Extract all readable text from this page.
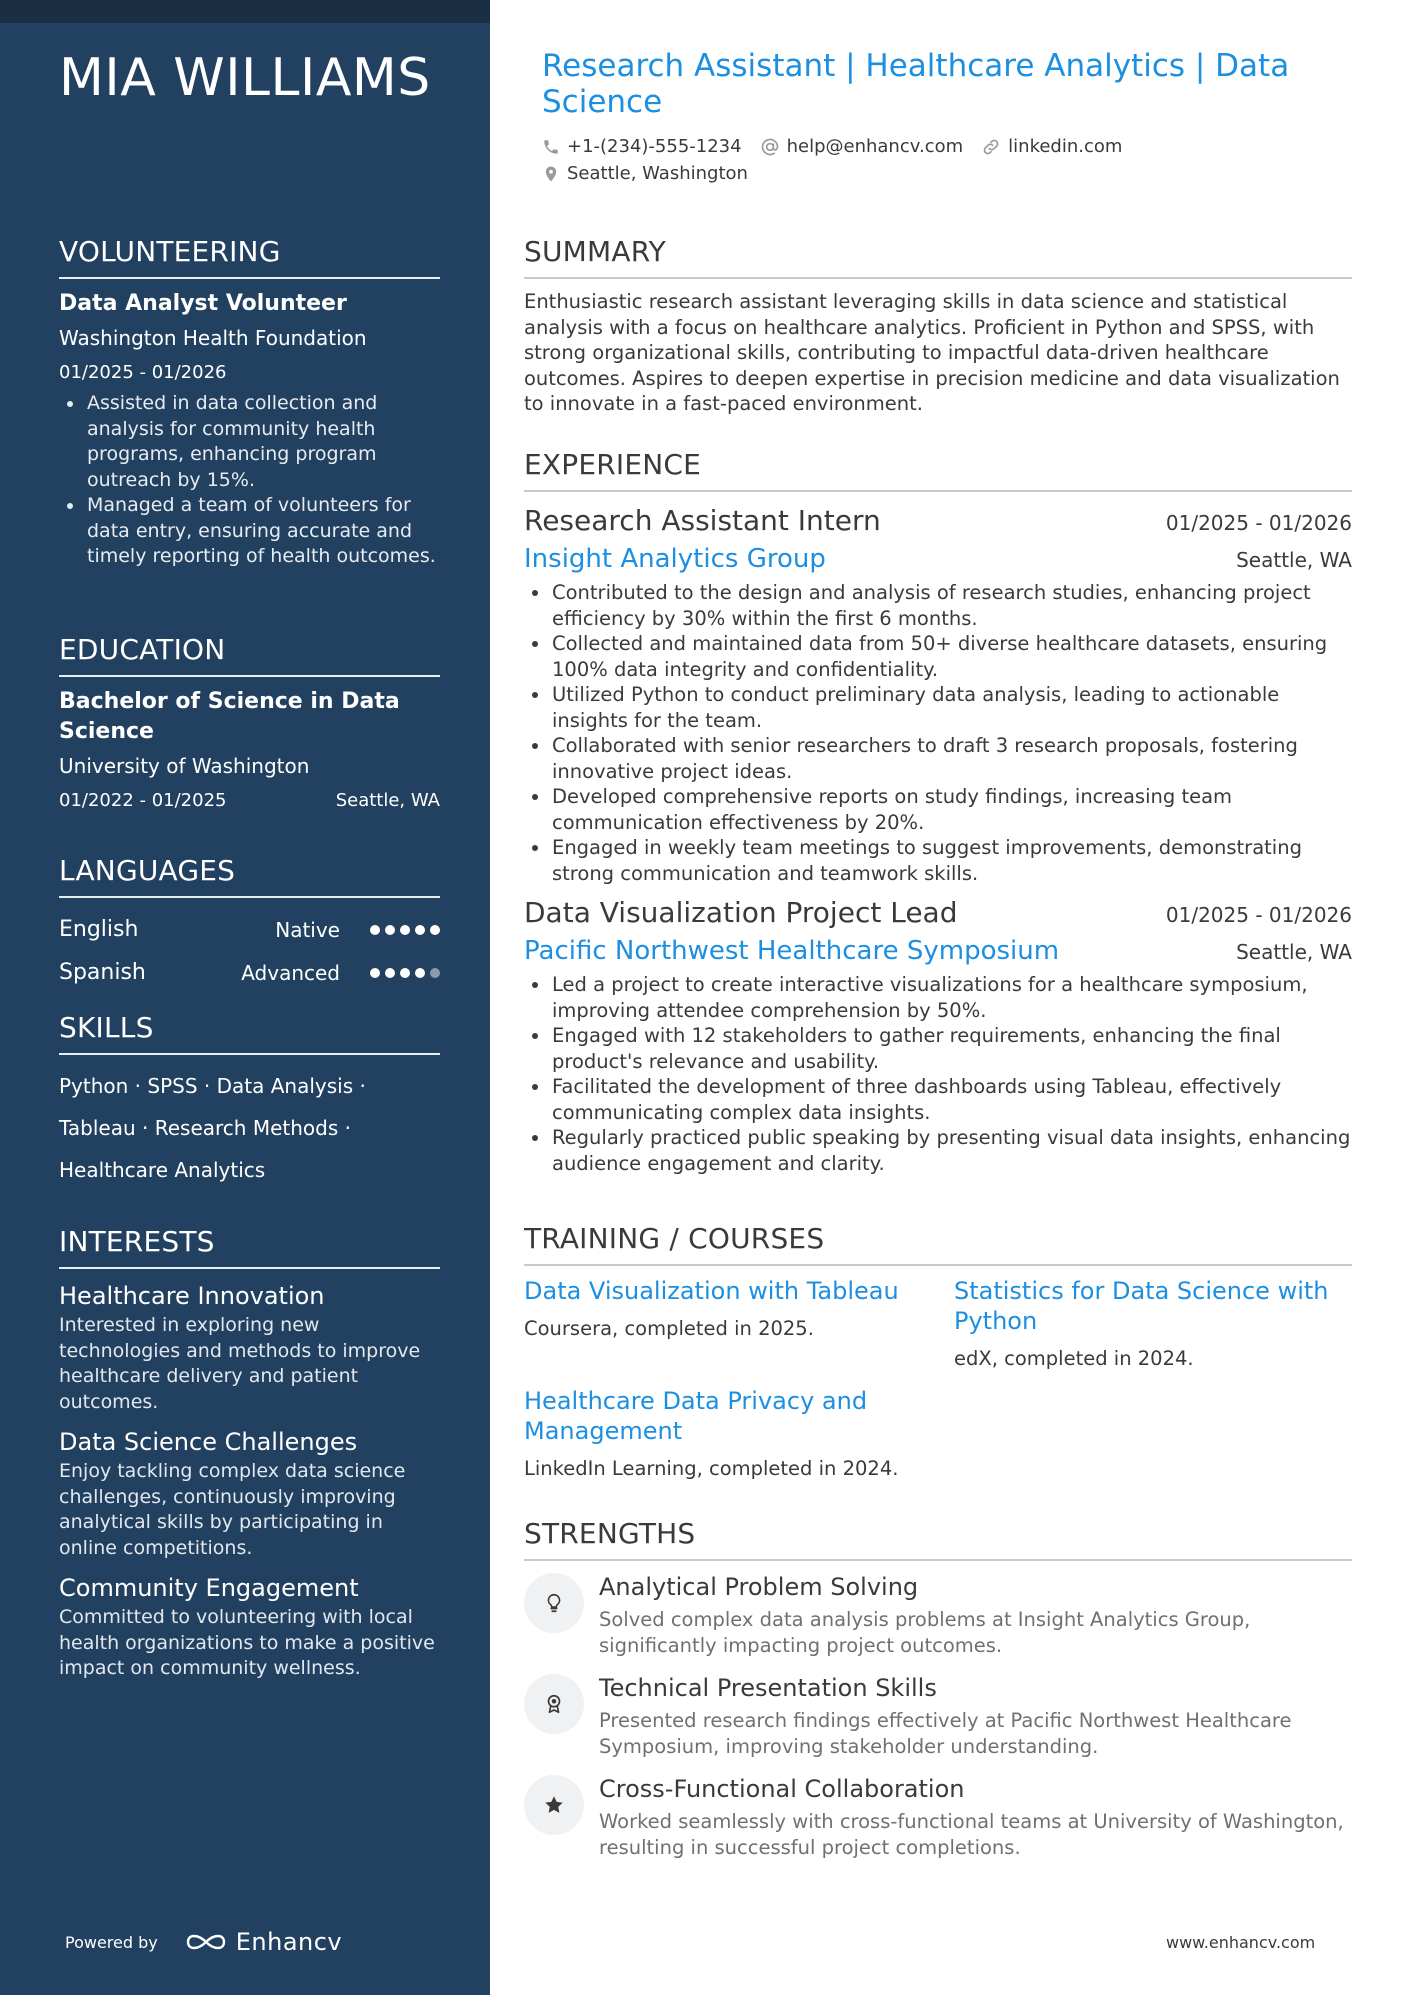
MIA WILLIAMS
VOLUNTEERING
Data Analyst Volunteer
Washington Health Foundation
01/2025 - 01/2026
Assisted in data collection and analysis for community health programs, enhancing program outreach by 15%.
Managed a team of volunteers for data entry, ensuring accurate and timely reporting of health outcomes.
EDUCATION
Bachelor of Science in Data Science
University of Washington
01/2022 - 01/2025	Seattle, WA
LANGUAGES
English	Native
Spanish	Advanced
SKILLS
Python · SPSS · Data Analysis ·
Tableau · Research Methods ·
Healthcare Analytics
INTERESTS
Healthcare Innovation
Interested in exploring new technologies and methods to improve healthcare delivery and patient outcomes.
Data Science Challenges
Enjoy tackling complex data science challenges, continuously improving analytical skills by participating in online competitions.
Community Engagement
Committed to volunteering with local health organizations to make a positive impact on community wellness.
Powered by	Enhancv
Research Assistant | Healthcare Analytics | Data Science
+1-(234)-555-1234	help@enhancv.com	linkedin.com
Seattle, Washington
SUMMARY
Enthusiastic research assistant leveraging skills in data science and statistical analysis with a focus on healthcare analytics. Proficient in Python and SPSS, with strong organizational skills, contributing to impactful data-driven healthcare outcomes. Aspires to deepen expertise in precision medicine and data visualization to innovate in a fast-paced environment.
EXPERIENCE
Research Assistant Intern	01/2025 - 01/2026
Insight Analytics Group	Seattle, WA
Contributed to the design and analysis of research studies, enhancing project efficiency by 30% within the first 6 months.
Collected and maintained data from 50+ diverse healthcare datasets, ensuring 100% data integrity and confidentiality.
Utilized Python to conduct preliminary data analysis, leading to actionable insights for the team.
Collaborated with senior researchers to draft 3 research proposals, fostering innovative project ideas.
Developed comprehensive reports on study findings, increasing team communication effectiveness by 20%.
Engaged in weekly team meetings to suggest improvements, demonstrating strong communication and teamwork skills.
Data Visualization Project Lead	01/2025 - 01/2026
Pacific Northwest Healthcare Symposium	Seattle, WA
Led a project to create interactive visualizations for a healthcare symposium, improving attendee comprehension by 50%.
Engaged with 12 stakeholders to gather requirements, enhancing the final product's relevance and usability.
Facilitated the development of three dashboards using Tableau, effectively communicating complex data insights.
Regularly practiced public speaking by presenting visual data insights, enhancing audience engagement and clarity.
TRAINING / COURSES
Data Visualization with Tableau
Coursera, completed in 2025.
Statistics for Data Science with Python
edX, completed in 2024.
Healthcare Data Privacy and Management
LinkedIn Learning, completed in 2024.
STRENGTHS
Analytical Problem Solving
Solved complex data analysis problems at Insight Analytics Group, significantly impacting project outcomes.
Technical Presentation Skills
Presented research findings effectively at Pacific Northwest Healthcare Symposium, improving stakeholder understanding.
Cross-Functional Collaboration
Worked seamlessly with cross-functional teams at University of Washington, resulting in successful project completions.
www.enhancv.com
